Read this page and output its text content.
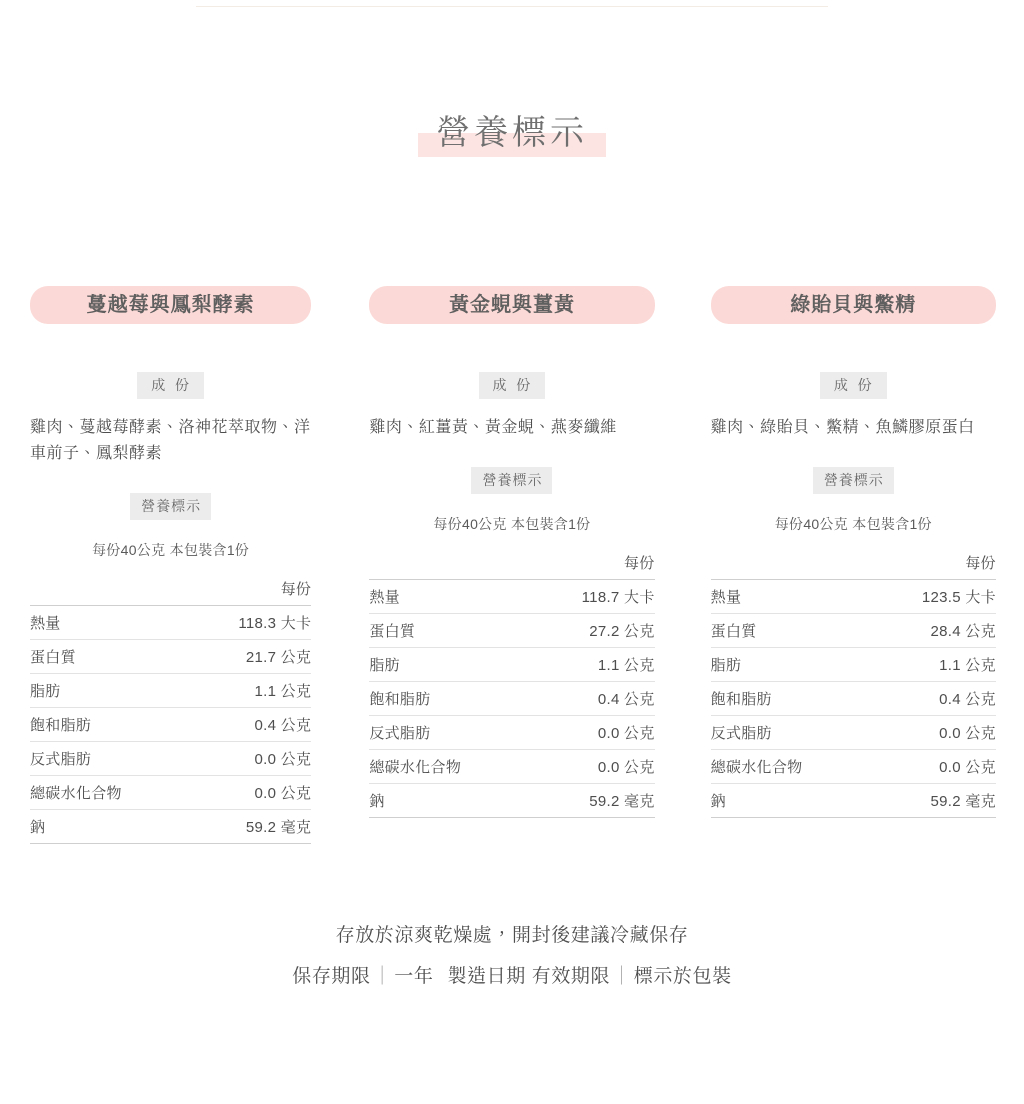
營養標示
蔓越莓與鳳梨酵素
成 份
雞肉、蔓越莓酵素、洛神花萃取物、洋車前子、鳳梨酵素
營養標示
每份40公克 本包裝含1份
	每份
熱量	118.3 大卡
蛋白質	21.7 公克
脂肪	1.1 公克
飽和脂肪	0.4 公克
反式脂肪	0.0 公克
總碳水化合物	0.0 公克
鈉	59.2 毫克
黃金蜆與薑黃
成 份
雞肉、紅薑黃、黃金蜆、燕麥纖維
營養標示
每份40公克 本包裝含1份
	每份
熱量	118.7 大卡
蛋白質	27.2 公克
脂肪	1.1 公克
飽和脂肪	0.4 公克
反式脂肪	0.0 公克
總碳水化合物	0.0 公克
鈉	59.2 毫克
綠貽貝與鱉精
成 份
雞肉、綠貽貝、鱉精、魚鱗膠原蛋白
營養標示
每份40公克 本包裝含1份
	每份
熱量	123.5 大卡
蛋白質	28.4 公克
脂肪	1.1 公克
飽和脂肪	0.4 公克
反式脂肪	0.0 公克
總碳水化合物	0.0 公克
鈉	59.2 毫克
存放於涼爽乾燥處，開封後建議冷藏保存
保存期限 ｜ 一年 製造日期 有效期限 ｜ 標示於包裝
